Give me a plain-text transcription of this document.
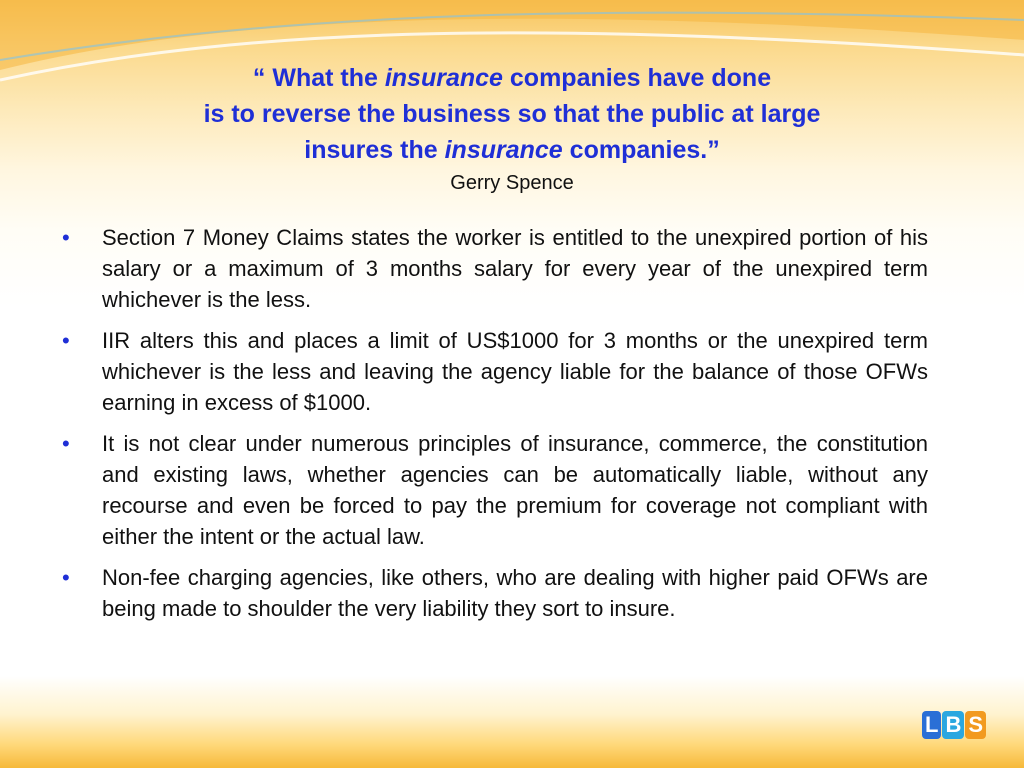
“ What the insurance companies have done
is to reverse the business so that the public at large
insures the insurance companies.”
Gerry Spence
• Section 7 Money Claims states the worker is entitled to the unexpired portion of his salary or a maximum of 3 months salary for every year of the unexpired term whichever is the less.
• IIR alters this and places a limit of US$1000 for 3 months or the unexpired term whichever is the less and leaving the agency liable for the balance of those OFWs earning in excess of $1000.
• It is not clear under numerous principles of insurance, commerce, the constitution and existing laws, whether agencies can be automatically liable, without any recourse and even be forced to pay the premium for coverage not compliant with either the intent or the actual law.
• Non-fee charging agencies, like others, who are dealing with higher paid OFWs are being made to shoulder the very liability they sort to insure.
L B S
